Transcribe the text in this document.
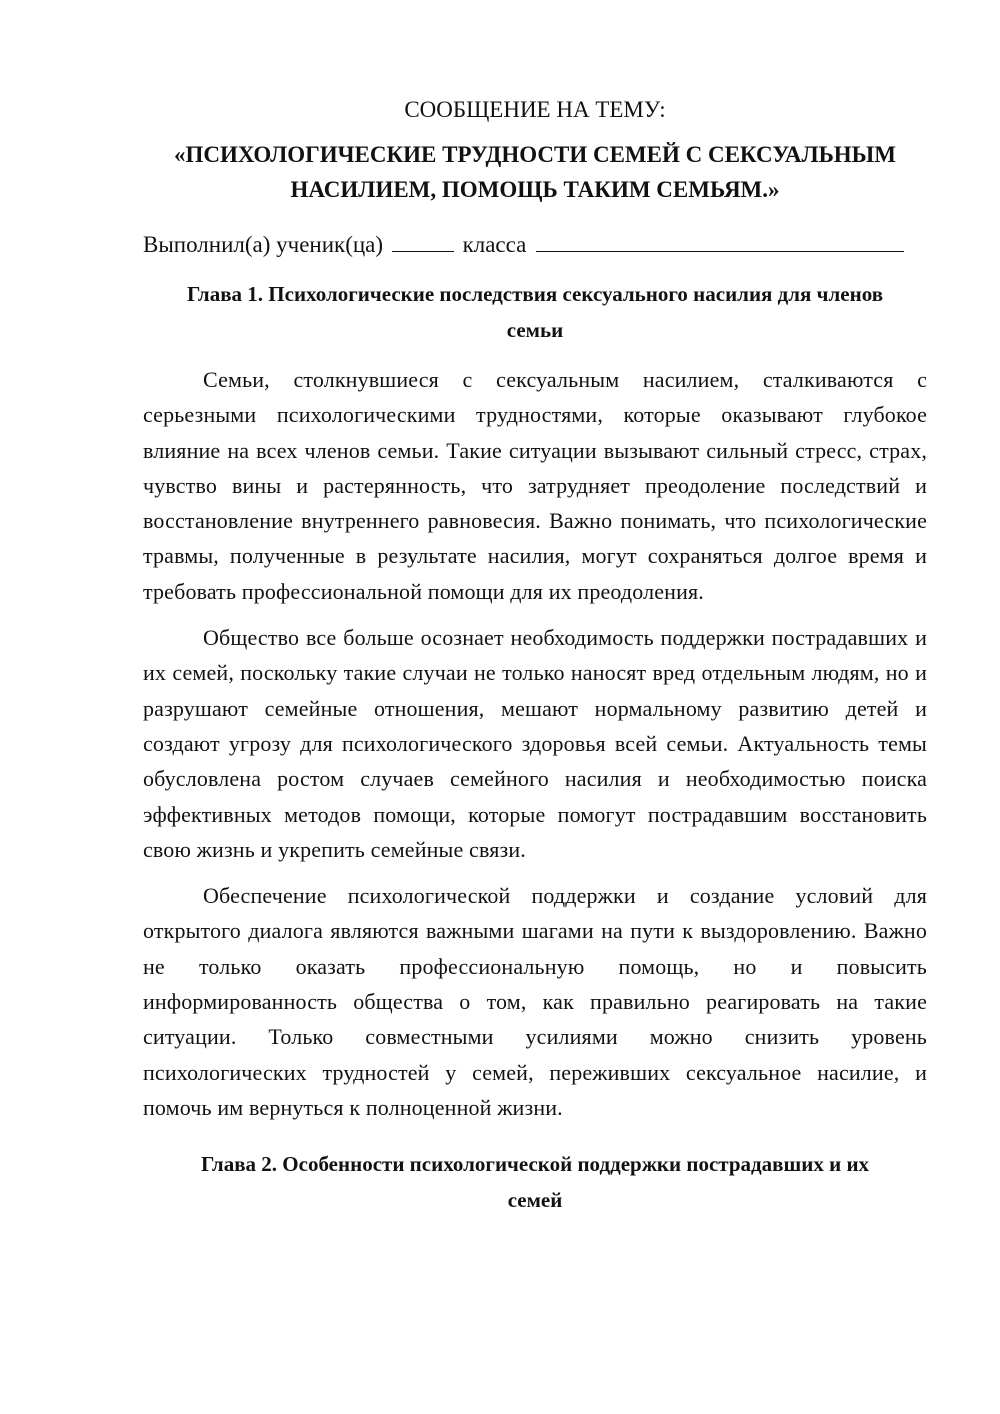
СООБЩЕНИЕ НА ТЕМУ:
«ПСИХОЛОГИЧЕСКИЕ ТРУДНОСТИ СЕМЕЙ С СЕКСУАЛЬНЫМ
НАСИЛИЕМ, ПОМОЩЬ ТАКИМ СЕМЬЯМ.»
Выполнил(а) ученик(ца)	класса
Глава 1. Психологические последствия сексуального насилия для членов
семьи

Семьи, столкнувшиеся с сексуальным насилием, сталкиваются с серьезными психологическими трудностями, которые оказывают глубокое влияние на всех членов семьи. Такие ситуации вызывают сильный стресс, страх, чувство вины и растерянность, что затрудняет преодоление последствий и восстановление внутреннего равновесия. Важно понимать, что психологические травмы, полученные в результате насилия, могут сохраняться долгое время и требовать профессиональной помощи для их преодоления.

Общество все больше осознает необходимость поддержки пострадавших и их семей, поскольку такие случаи не только наносят вред отдельным людям, но и разрушают семейные отношения, мешают нормальному развитию детей и создают угрозу для психологического здоровья всей семьи. Актуальность темы обусловлена ростом случаев семейного насилия и необходимостью поиска эффективных методов помощи, которые помогут пострадавшим восстановить свою жизнь и укрепить семейные связи.

Обеспечение психологической поддержки и создание условий для открытого диалога являются важными шагами на пути к выздоровлению. Важно не только оказать профессиональную помощь, но и повысить информированность общества о том, как правильно реагировать на такие ситуации. Только совместными усилиями можно снизить уровень психологических трудностей у семей, переживших сексуальное насилие, и помочь им вернуться к полноценной жизни.

Глава 2. Особенности психологической поддержки пострадавших и их
семей
